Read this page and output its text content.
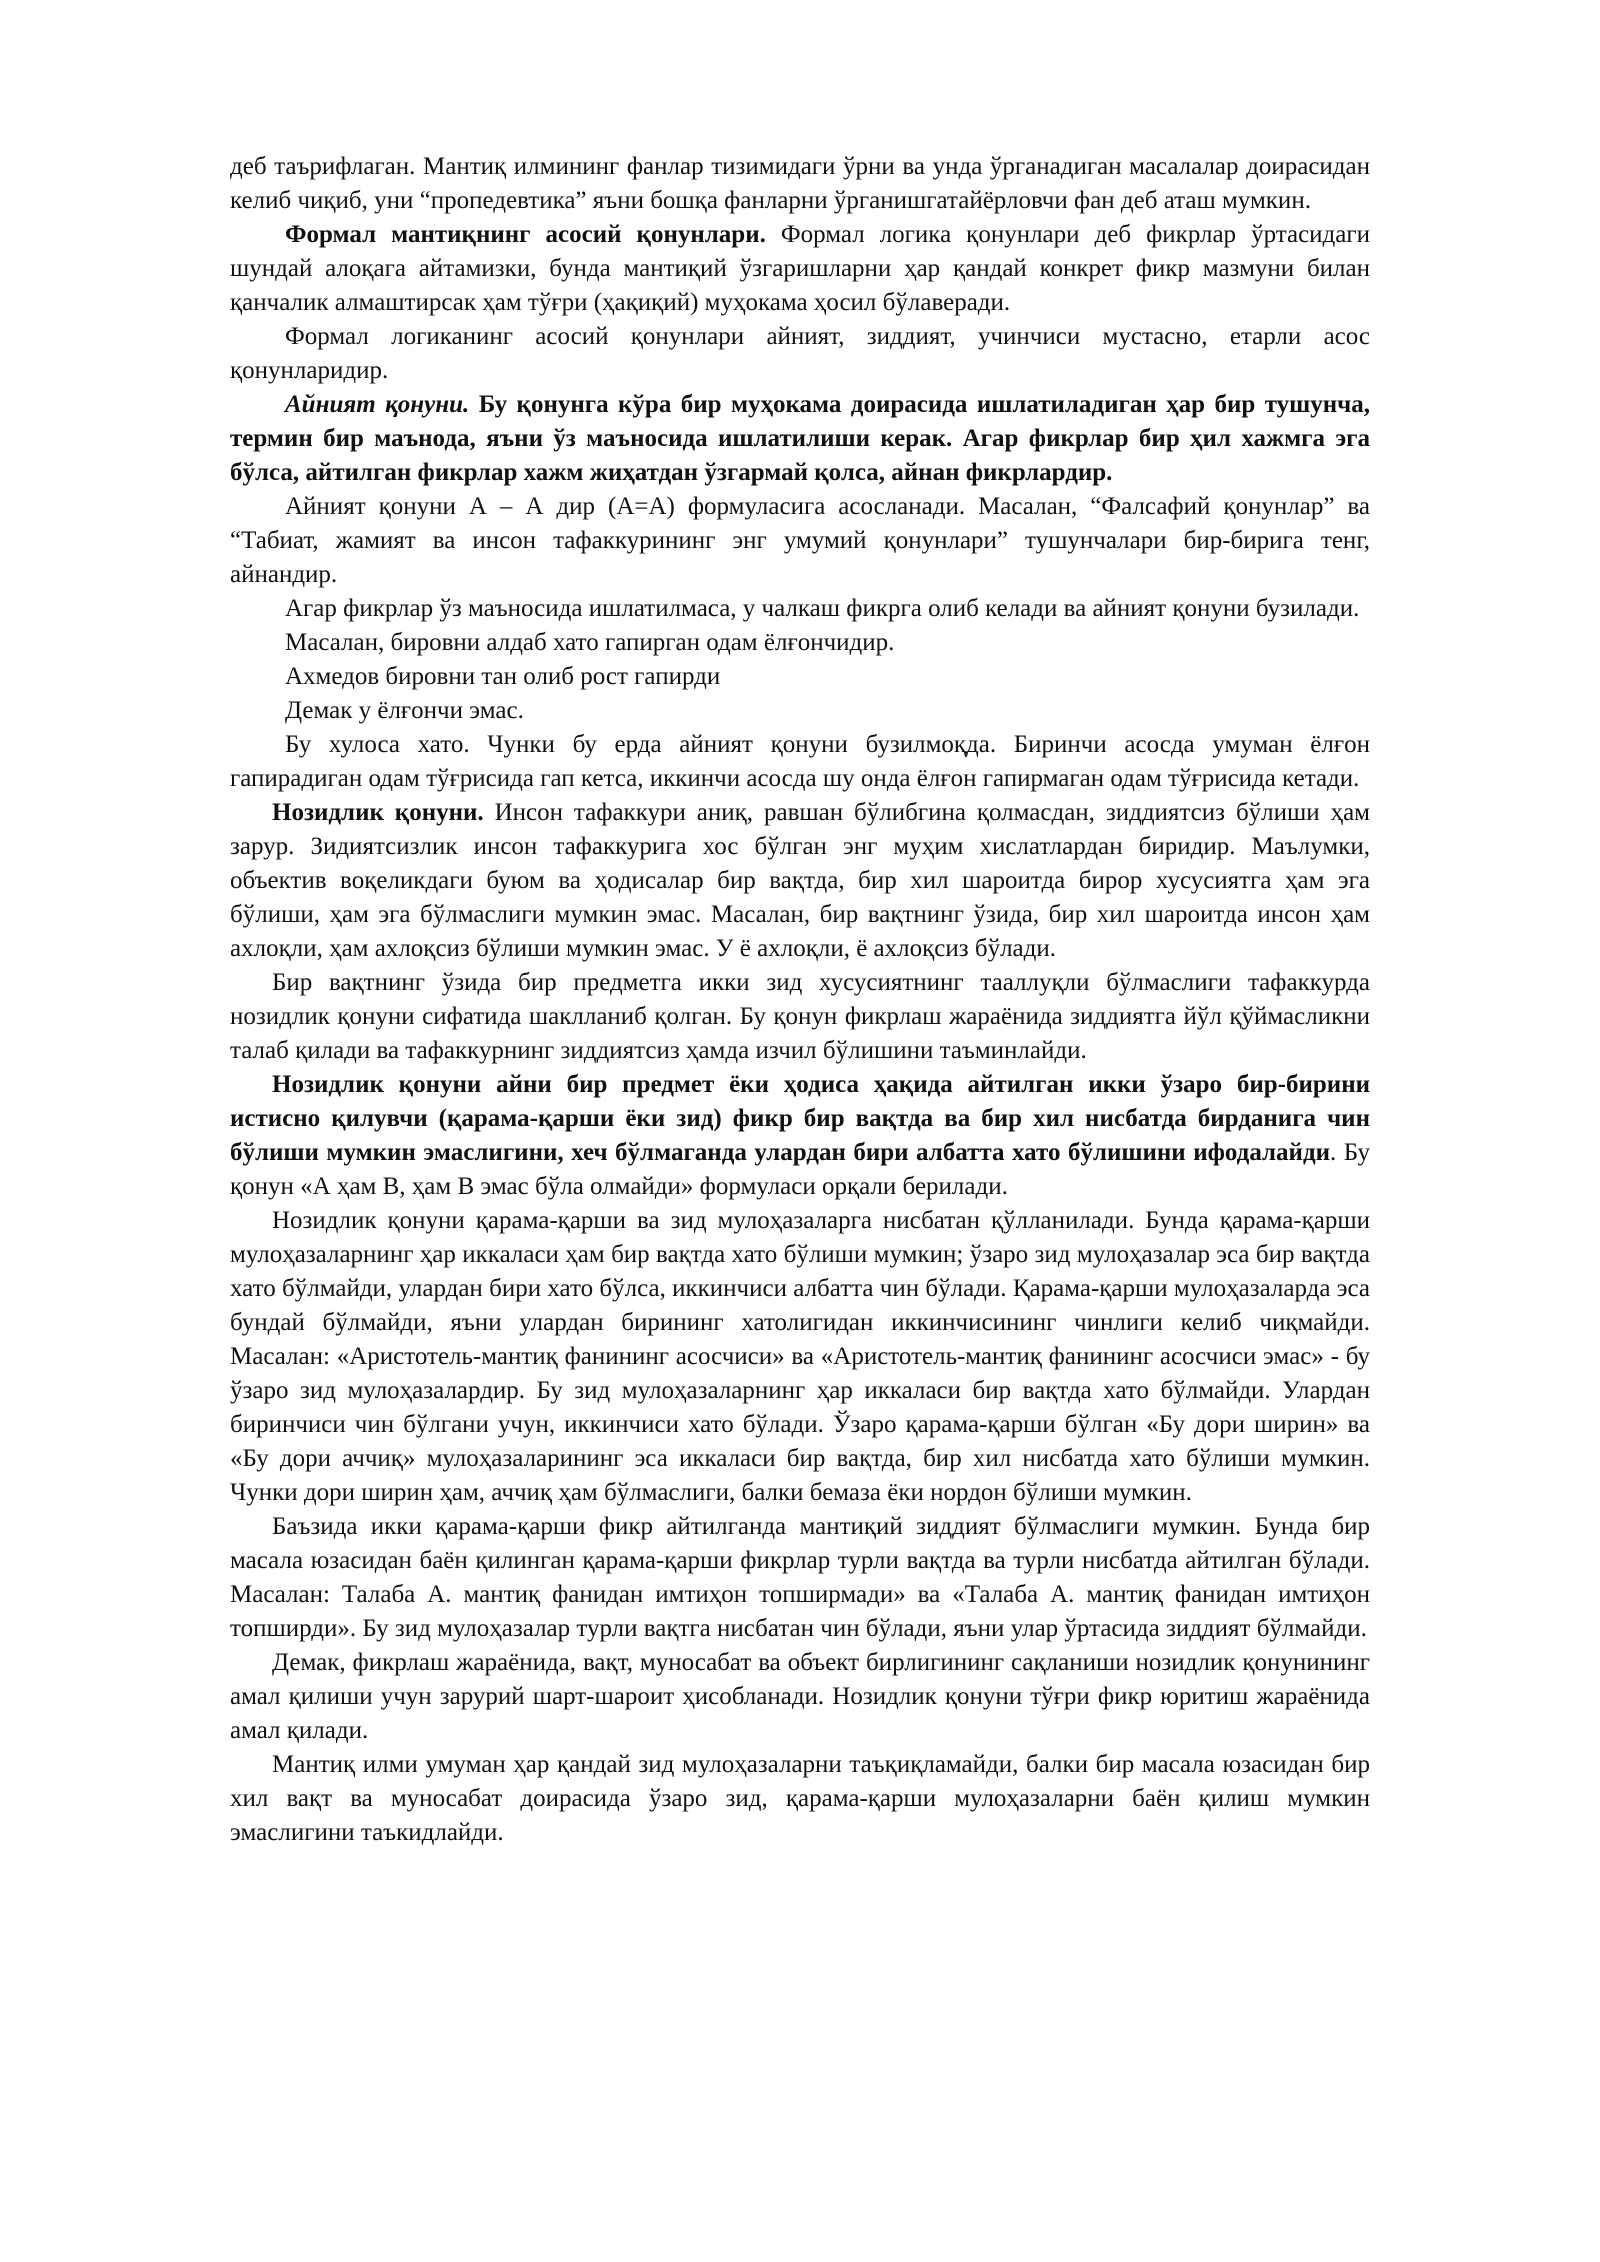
деб таърифлаган. Мантиқ илмининг фанлар тизимидаги ўрни ва унда ўрганадиган масалалар доирасидан келиб чиқиб, уни “пропедевтика” яъни бошқа фанларни ўрганишгатайёрловчи фан деб аташ мумкин.

Формал мантиқнинг асосий қонунлари. Формал логика қонунлари деб фикрлар ўртасидаги шундай алоқага айтамизки, бунда мантиқий ўзгаришларни ҳар қандай конкрет фикр мазмуни билан қанчалик алмаштирсак ҳам тўғри (ҳақиқий) муҳокама ҳосил бўлаверади.

Формал логиканинг асосий қонунлари айният, зиддият, учинчиси мустасно, етарли асос қонунларидир.

Айният қонуни. Бу қонунга кўра бир муҳокама доирасида ишлатиладиган ҳар бир тушунча, термин бир маънода, яъни ўз маъносида ишлатилиши керак. Агар фикрлар бир ҳил хажмга эга бўлса, айтилган фикрлар хажм жиҳатдан ўзгармай қолса, айнан фикрлардир.

Айният қонуни А – А дир (А=А) формуласига асосланади. Масалан, “Фалсафий қонунлар” ва “Табиат, жамият ва инсон тафаккурининг энг умумий қонунлари” тушунчалари бир-бирига тенг, айнандир.

Агар фикрлар ўз маъносида ишлатилмаса, у чалкаш фикрга олиб келади ва айният қонуни бузилади.

Масалан, бировни алдаб хато гапирган одам ёлғончидир.

Ахмедов бировни тан олиб рост гапирди

Демак у ёлғончи эмас.

Бу хулоса хато. Чунки бу ерда айният қонуни бузилмоқда. Биринчи асосда умуман ёлғон гапирадиган одам тўғрисида гап кетса, иккинчи асосда шу онда ёлғон гапирмаган одам тўғрисида кетади.

Нозидлик қонуни. Инсон тафаккури аниқ, равшан бўлибгина қолмасдан, зиддиятсиз бўлиши ҳам зарур. Зидиятсизлик инсон тафаккурига хос бўлган энг муҳим хислатлардан биридир. Маълумки, объектив воқеликдаги буюм ва ҳодисалар бир вақтда, бир хил шароитда бирор хусусиятга ҳам эга бўлиши, ҳам эга бўлмаслиги мумкин эмас. Масалан, бир вақтнинг ўзида, бир хил шароитда инсон ҳам ахлоқли, ҳам ахлоқсиз бўлиши мумкин эмас. У ё ахлоқли, ё ахлоқсиз бўлади.

Бир вақтнинг ўзида бир предметга икки зид хусусиятнинг тааллуқли бўлмаслиги тафаккурда нозидлик қонуни сифатида шаклланиб қолган. Бу қонун фикрлаш жараёнида зиддиятга йўл қўймасликни талаб қилади ва тафаккурнинг зиддиятсиз ҳамда изчил бўлишини таъминлайди.

Нозидлик қонуни айни бир предмет ёки ҳодиса ҳақида айтилган икки ўзаро бир-бирини истисно қилувчи (қарама-қарши ёки зид) фикр бир вақтда ва бир хил нисбатда бирданига чин бўлиши мумкин эмаслигини, хеч бўлмаганда улардан бири албатта хато бўлишини ифодалайди. Бу қонун «А ҳам В, ҳам В эмас бўла олмайди» формуласи орқали берилади.

Нозидлик қонуни қарама-қарши ва зид мулоҳазаларга нисбатан қўлланилади. Бунда қарама-қарши мулоҳазаларнинг ҳар иккаласи ҳам бир вақтда хато бўлиши мумкин; ўзаро зид мулоҳазалар эса бир вақтда хато бўлмайди, улардан бири хато бўлса, иккинчиси албатта чин бўлади. Қарама-қарши мулоҳазаларда эса бундай бўлмайди, яъни улардан бирининг хатолигидан иккинчисининг чинлиги келиб чиқмайди. Масалан: «Аристотель-мантиқ фанининг асосчиси» ва «Аристотель-мантиқ фанининг асосчиси эмас» - бу ўзаро зид мулоҳазалардир. Бу зид мулоҳазаларнинг ҳар иккаласи бир вақтда хато бўлмайди. Улардан биринчиси чин бўлгани учун, иккинчиси хато бўлади. Ўзаро қарама-қарши бўлган «Бу дори ширин» ва «Бу дори аччиқ» мулоҳазаларининг эса иккаласи бир вақтда, бир хил нисбатда хато бўлиши мумкин. Чунки дори ширин ҳам, аччиқ ҳам бўлмаслиги, балки бемаза ёки нордон бўлиши мумкин.

Баъзида икки қарама-қарши фикр айтилганда мантиқий зиддият бўлмаслиги мумкин. Бунда бир масала юзасидан баён қилинган қарама-қарши фикрлар турли вақтда ва турли нисбатда айтилган бўлади. Масалан: Талаба А. мантиқ фанидан имтиҳон топширмади» ва «Талаба А. мантиқ фанидан имтиҳон топширди». Бу зид мулоҳазалар турли вақтга нисбатан чин бўлади, яъни улар ўртасида зиддият бўлмайди.

Демак, фикрлаш жараёнида, вақт, муносабат ва объект бирлигининг сақланиши нозидлик қонунининг амал қилиши учун зарурий шарт-шароит ҳисобланади. Нозидлик қонуни тўғри фикр юритиш жараёнида амал қилади.

Мантиқ илми умуман ҳар қандай зид мулоҳазаларни таъқиқламайди, балки бир масала юзасидан бир хил вақт ва муносабат доирасида ўзаро зид, қарама-қарши мулоҳазаларни баён қилиш мумкин эмаслигини таъкидлайди.
